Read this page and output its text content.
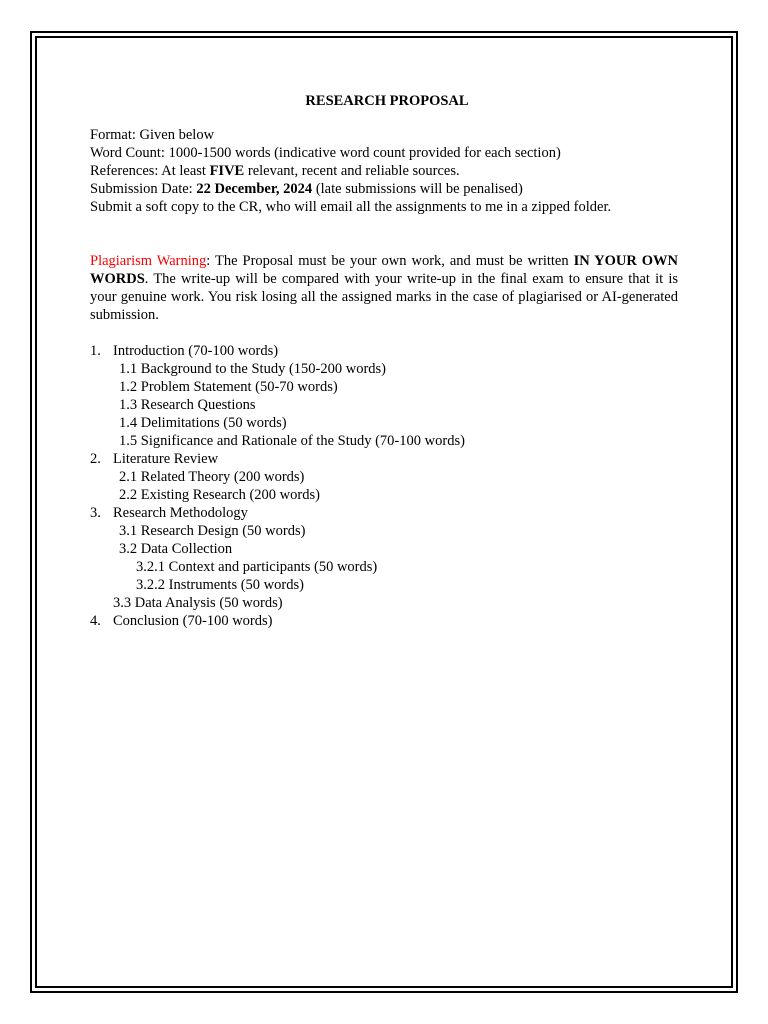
RESEARCH PROPOSAL
Format: Given below
Word Count: 1000-1500 words (indicative word count provided for each section)
References: At least FIVE relevant, recent and reliable sources.
Submission Date: 22 December, 2024 (late submissions will be penalised)
Submit a soft copy to the CR, who will email all the assignments to me in a zipped folder.
Plagiarism Warning: The Proposal must be your own work, and must be written IN YOUR OWN WORDS. The write-up will be compared with your write-up in the final exam to ensure that it is your genuine work. You risk losing all the assigned marks in the case of plagiarised or AI-generated submission.
1. Introduction (70-100 words)
1.1 Background to the Study (150-200 words)
1.2 Problem Statement (50-70 words)
1.3 Research Questions
1.4 Delimitations (50 words)
1.5 Significance and Rationale of the Study (70-100 words)
2. Literature Review
2.1 Related Theory (200 words)
2.2 Existing Research (200 words)
3. Research Methodology
3.1 Research Design (50 words)
3.2 Data Collection
3.2.1 Context and participants (50 words)
3.2.2 Instruments (50 words)
3.3 Data Analysis (50 words)
4. Conclusion (70-100 words)
